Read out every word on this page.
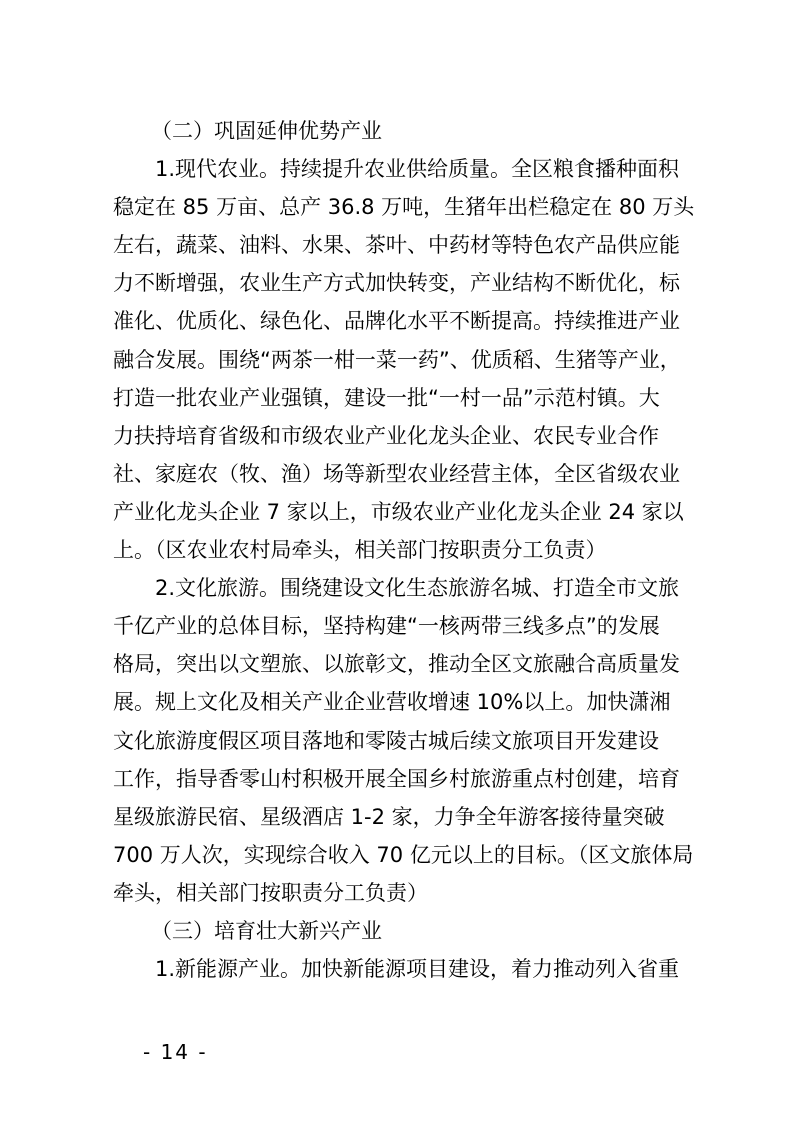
（二）巩固延伸优势产业
1.现代农业。持续提升农业供给质量。全区粮食播种面积
稳定在 85 万亩、总产 36.8 万吨，生猪年出栏稳定在 80 万头
左右，蔬菜、油料、水果、茶叶、中药材等特色农产品供应能
力不断增强，农业生产方式加快转变，产业结构不断优化，标
准化、优质化、绿色化、品牌化水平不断提高。持续推进产业
融合发展。围绕“两茶一柑一菜一药”、优质稻、生猪等产业，
打造一批农业产业强镇，建设一批“一村一品”示范村镇。大
力扶持培育省级和市级农业产业化龙头企业、农民专业合作
社、家庭农（牧、渔）场等新型农业经营主体，全区省级农业
产业化龙头企业 7 家以上，市级农业产业化龙头企业 24 家以
上。（区农业农村局牵头，相关部门按职责分工负责）
2.文化旅游。围绕建设文化生态旅游名城、打造全市文旅
千亿产业的总体目标，坚持构建“一核两带三线多点”的发展
格局，突出以文塑旅、以旅彰文，推动全区文旅融合高质量发
展。规上文化及相关产业企业营收增速 10%以上。加快潇湘
文化旅游度假区项目落地和零陵古城后续文旅项目开发建设
工作，指导香零山村积极开展全国乡村旅游重点村创建，培育
星级旅游民宿、星级酒店 1-2 家，力争全年游客接待量突破
700 万人次，实现综合收入 70 亿元以上的目标。（区文旅体局
牵头，相关部门按职责分工负责）
（三）培育壮大新兴产业
1.新能源产业。加快新能源项目建设，着力推动列入省重
- 14 -
